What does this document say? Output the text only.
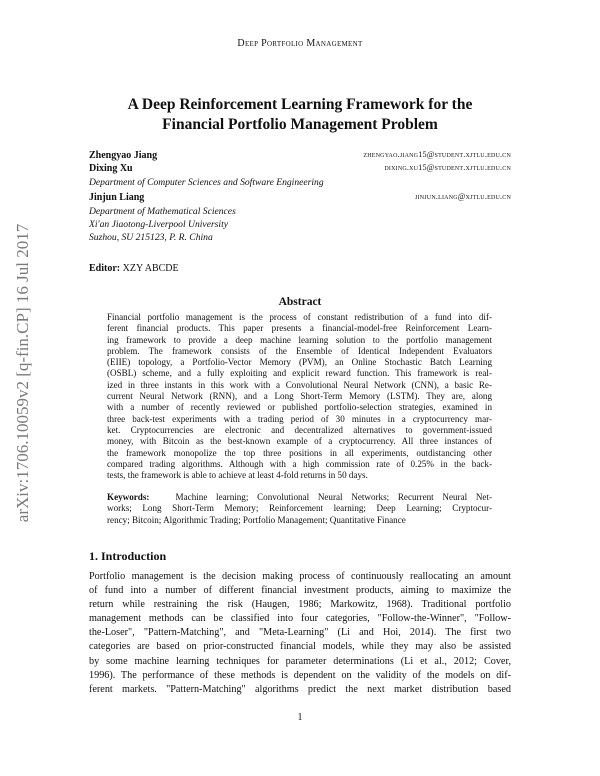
Deep Portfolio Management
arXiv:1706.10059v2 [q-fin.CP] 16 Jul 2017
A Deep Reinforcement Learning Framework for the
Financial Portfolio Management Problem
Zhengyao Jiang	zhengyao.jiang15@student.xjtlu.edu.cn
Dixing Xu	dixing.xu15@student.xjtlu.edu.cn
Department of Computer Sciences and Software Engineering
Jinjun Liang	jinjun.liang@xjtlu.edu.cn
Department of Mathematical Sciences
Xi'an Jiaotong-Liverpool University
Suzhou, SU 215123, P. R. China
Editor: XZY ABCDE
Abstract
Financial portfolio management is the process of constant redistribution of a fund into dif-
ferent financial products. This paper presents a financial-model-free Reinforcement Learn-
ing framework to provide a deep machine learning solution to the portfolio management
problem. The framework consists of the Ensemble of Identical Independent Evaluators
(EIIE) topology, a Portfolio-Vector Memory (PVM), an Online Stochastic Batch Learning
(OSBL) scheme, and a fully exploiting and explicit reward function. This framework is real-
ized in three instants in this work with a Convolutional Neural Network (CNN), a basic Re-
current Neural Network (RNN), and a Long Short-Term Memory (LSTM). They are, along
with a number of recently reviewed or published portfolio-selection strategies, examined in
three back-test experiments with a trading period of 30 minutes in a cryptocurrency mar-
ket. Cryptocurrencies are electronic and decentralized alternatives to government-issued
money, with Bitcoin as the best-known example of a cryptocurrency. All three instances of
the framework monopolize the top three positions in all experiments, outdistancing other
compared trading algorithms. Although with a high commission rate of 0.25% in the back-
tests, the framework is able to achieve at least 4-fold returns in 50 days.
Keywords:	Machine learning; Convolutional Neural Networks; Recurrent Neural Net-
works; Long Short-Term Memory; Reinforcement learning; Deep Learning; Cryptocur-
rency; Bitcoin; Algorithmic Trading; Portfolio Management; Quantitative Finance
1. Introduction
Portfolio management is the decision making process of continuously reallocating an amount
of fund into a number of different financial investment products, aiming to maximize the
return while restraining the risk (Haugen, 1986; Markowitz, 1968). Traditional portfolio
management methods can be classified into four categories, "Follow-the-Winner", "Follow-
the-Loser", "Pattern-Matching", and "Meta-Learning" (Li and Hoi, 2014). The first two
categories are based on prior-constructed financial models, while they may also be assisted
by some machine learning techniques for parameter determinations (Li et al., 2012; Cover,
1996). The performance of these methods is dependent on the validity of the models on dif-
ferent markets. "Pattern-Matching" algorithms predict the next market distribution based
1
